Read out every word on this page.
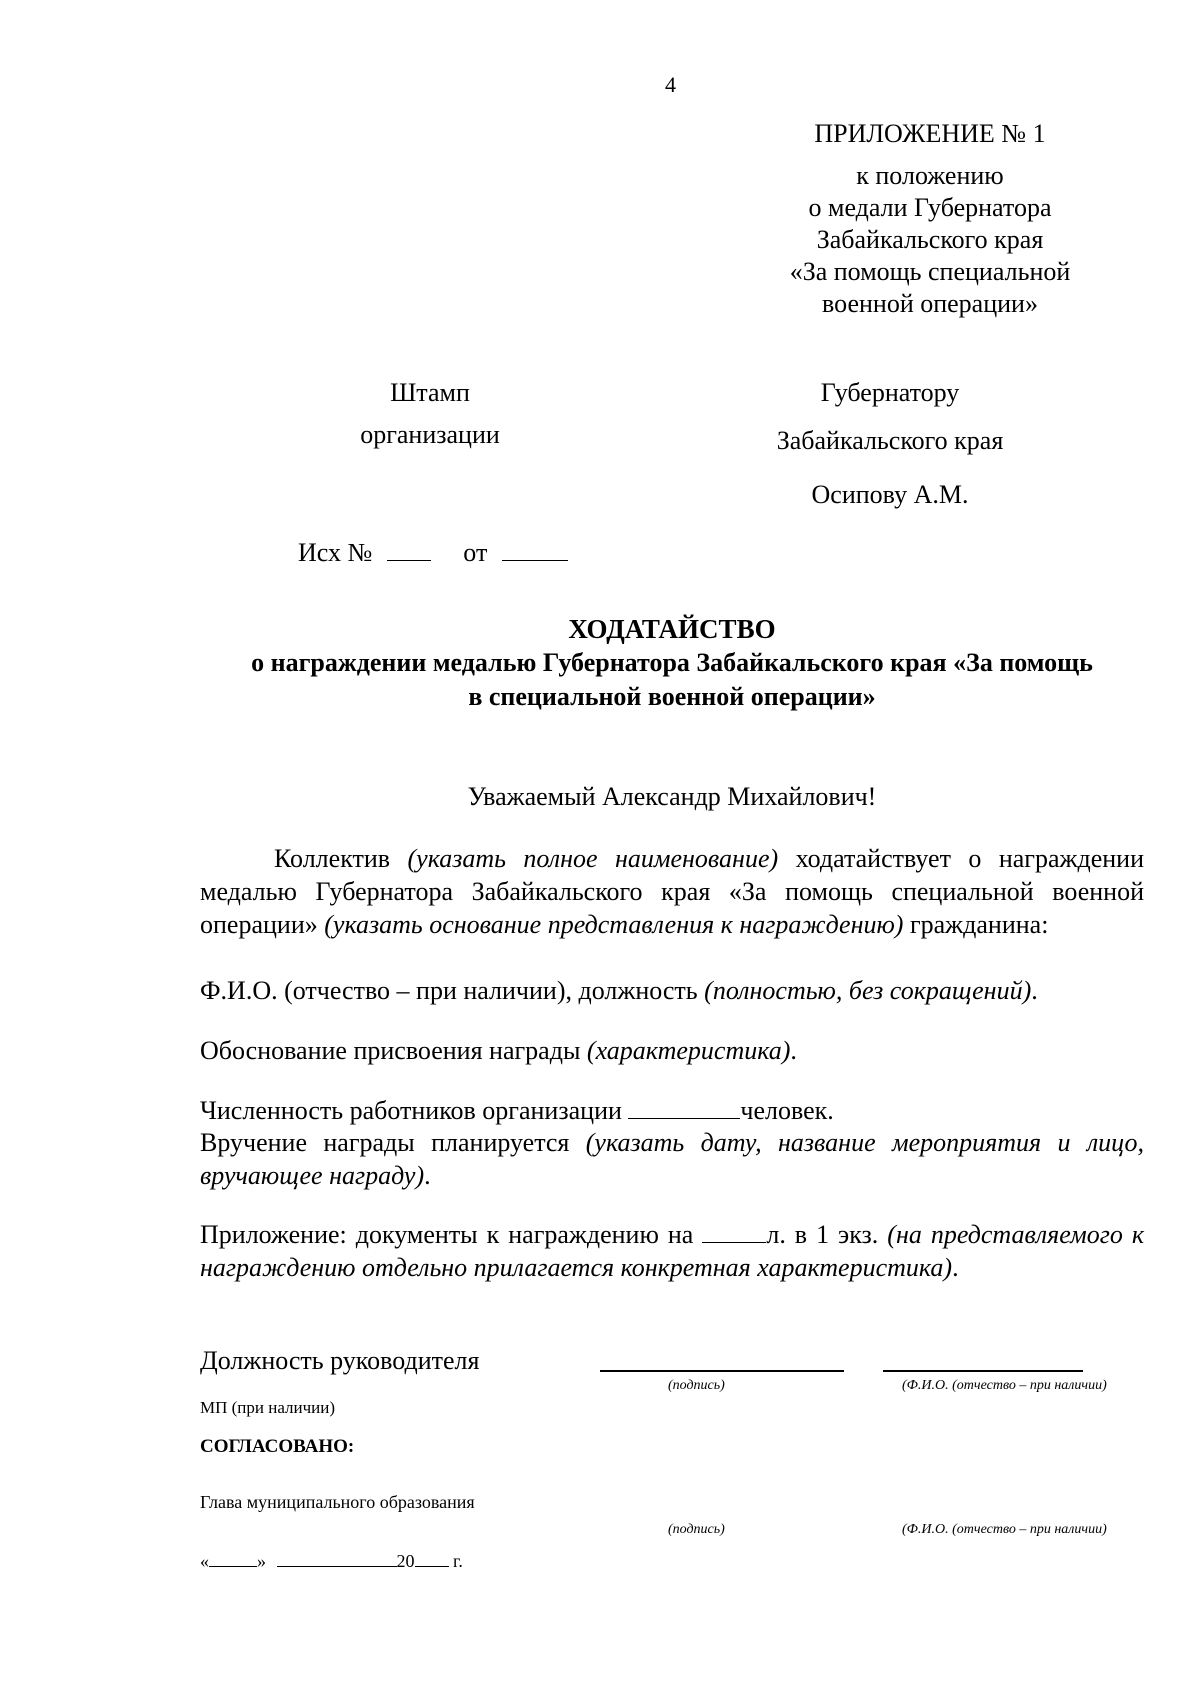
4
ПРИЛОЖЕНИЕ № 1
к положению
о медали Губернатора
Забайкальского края
«За помощь специальной
военной операции»
Штамп
организации
Губернатору
Забайкальского края
Осипову А.М.
Исх №	от
ХОДАТАЙСТВО
о награждении медалью Губернатора Забайкальского края «За помощь
в специальной военной операции»
Уважаемый Александр Михайлович!
Коллектив (указать полное наименование) ходатайствует о награждении медалью Губернатора Забайкальского края «За помощь специальной военной операции» (указать основание представления к награждению) гражданина:
Ф.И.О. (отчество – при наличии), должность (полностью, без сокращений).
Обоснование присвоения награды (характеристика).
Численность работников организации	человек.
Вручение награды планируется (указать дату, название мероприятия и лицо, вручающее награду).
Приложение: документы к награждению на л. в 1 экз. (на представляемого к награждению отдельно прилагается конкретная характеристика).
Должность руководителя
(подпись)	(Ф.И.О. (отчество – при наличии)
МП (при наличии)
СОГЛАСОВАНО:
Глава муниципального образования
(подпись)	(Ф.И.О. (отчество – при наличии)
«	»	20 г.
